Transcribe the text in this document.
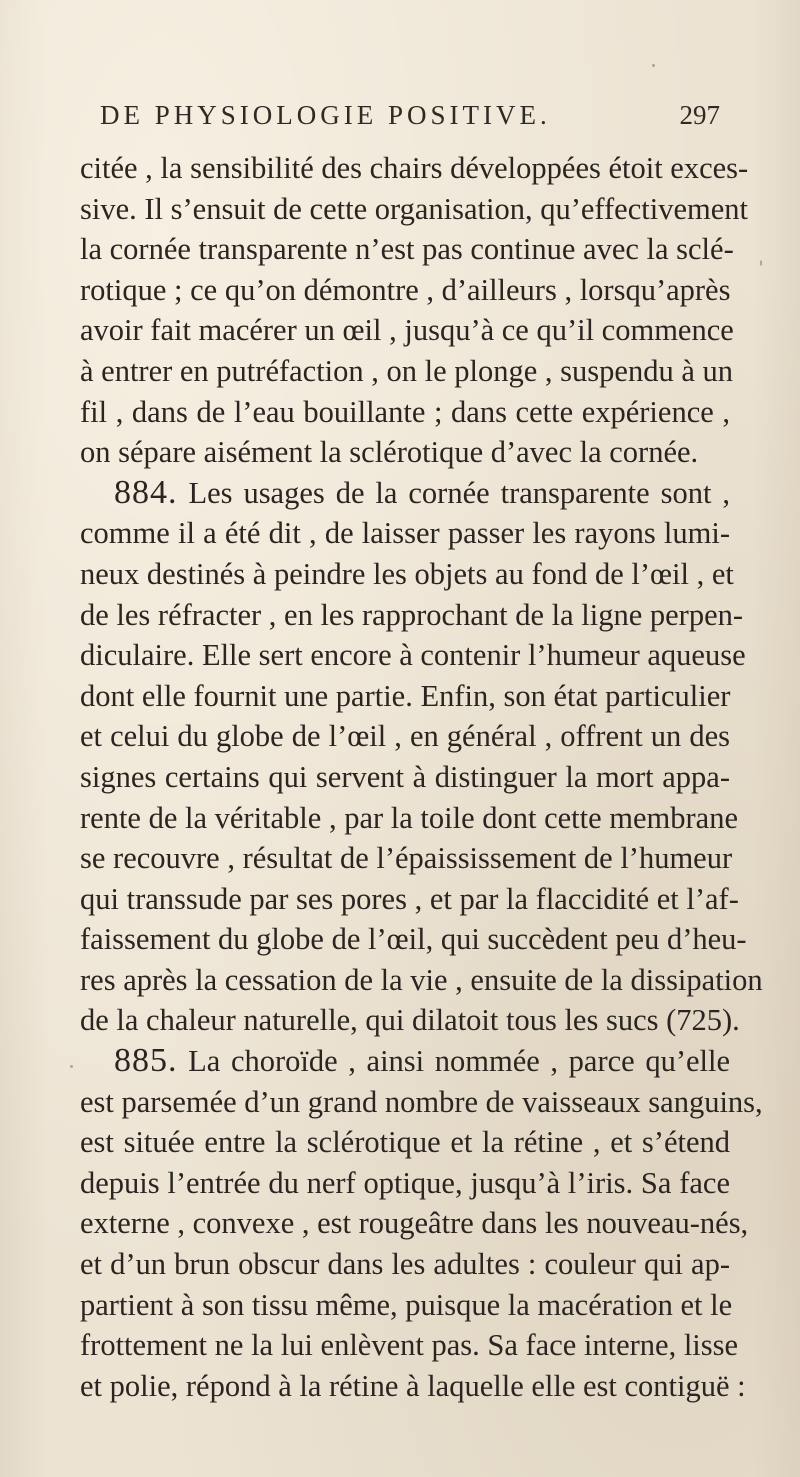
DE PHYSIOLOGIE POSITIVE.	297
citée , la sensibilité des chairs développées étoit exces-
sive. Il s’ensuit de cette organisation, qu’effectivement
la cornée transparente n’est pas continue avec la sclé-
rotique ; ce qu’on démontre , d’ailleurs , lorsqu’après
avoir fait macérer un œil , jusqu’à ce qu’il commence
à entrer en putréfaction , on le plonge , suspendu à un
fil , dans de l’eau bouillante ; dans cette expérience ,
on sépare aisément la sclérotique d’avec la cornée.
884. Les usages de la cornée transparente sont ,
comme il a été dit , de laisser passer les rayons lumi-
neux destinés à peindre les objets au fond de l’œil , et
de les réfracter , en les rapprochant de la ligne perpen-
diculaire. Elle sert encore à contenir l’humeur aqueuse
dont elle fournit une partie. Enfin, son état particulier
et celui du globe de l’œil , en général , offrent un des
signes certains qui servent à distinguer la mort appa-
rente de la véritable , par la toile dont cette membrane
se recouvre , résultat de l’épaississement de l’humeur
qui transsude par ses pores , et par la flaccidité et l’af-
faissement du globe de l’œil, qui succèdent peu d’heu-
res après la cessation de la vie , ensuite de la dissipation
de la chaleur naturelle, qui dilatoit tous les sucs (725).
885. La choroïde , ainsi nommée , parce qu’elle
est parsemée d’un grand nombre de vaisseaux sanguins,
est située entre la sclérotique et la rétine , et s’étend
depuis l’entrée du nerf optique, jusqu’à l’iris. Sa face
externe , convexe , est rougeâtre dans les nouveau-nés,
et d’un brun obscur dans les adultes : couleur qui ap-
partient à son tissu même, puisque la macération et le
frottement ne la lui enlèvent pas. Sa face interne, lisse
et polie, répond à la rétine à laquelle elle est contiguë :
